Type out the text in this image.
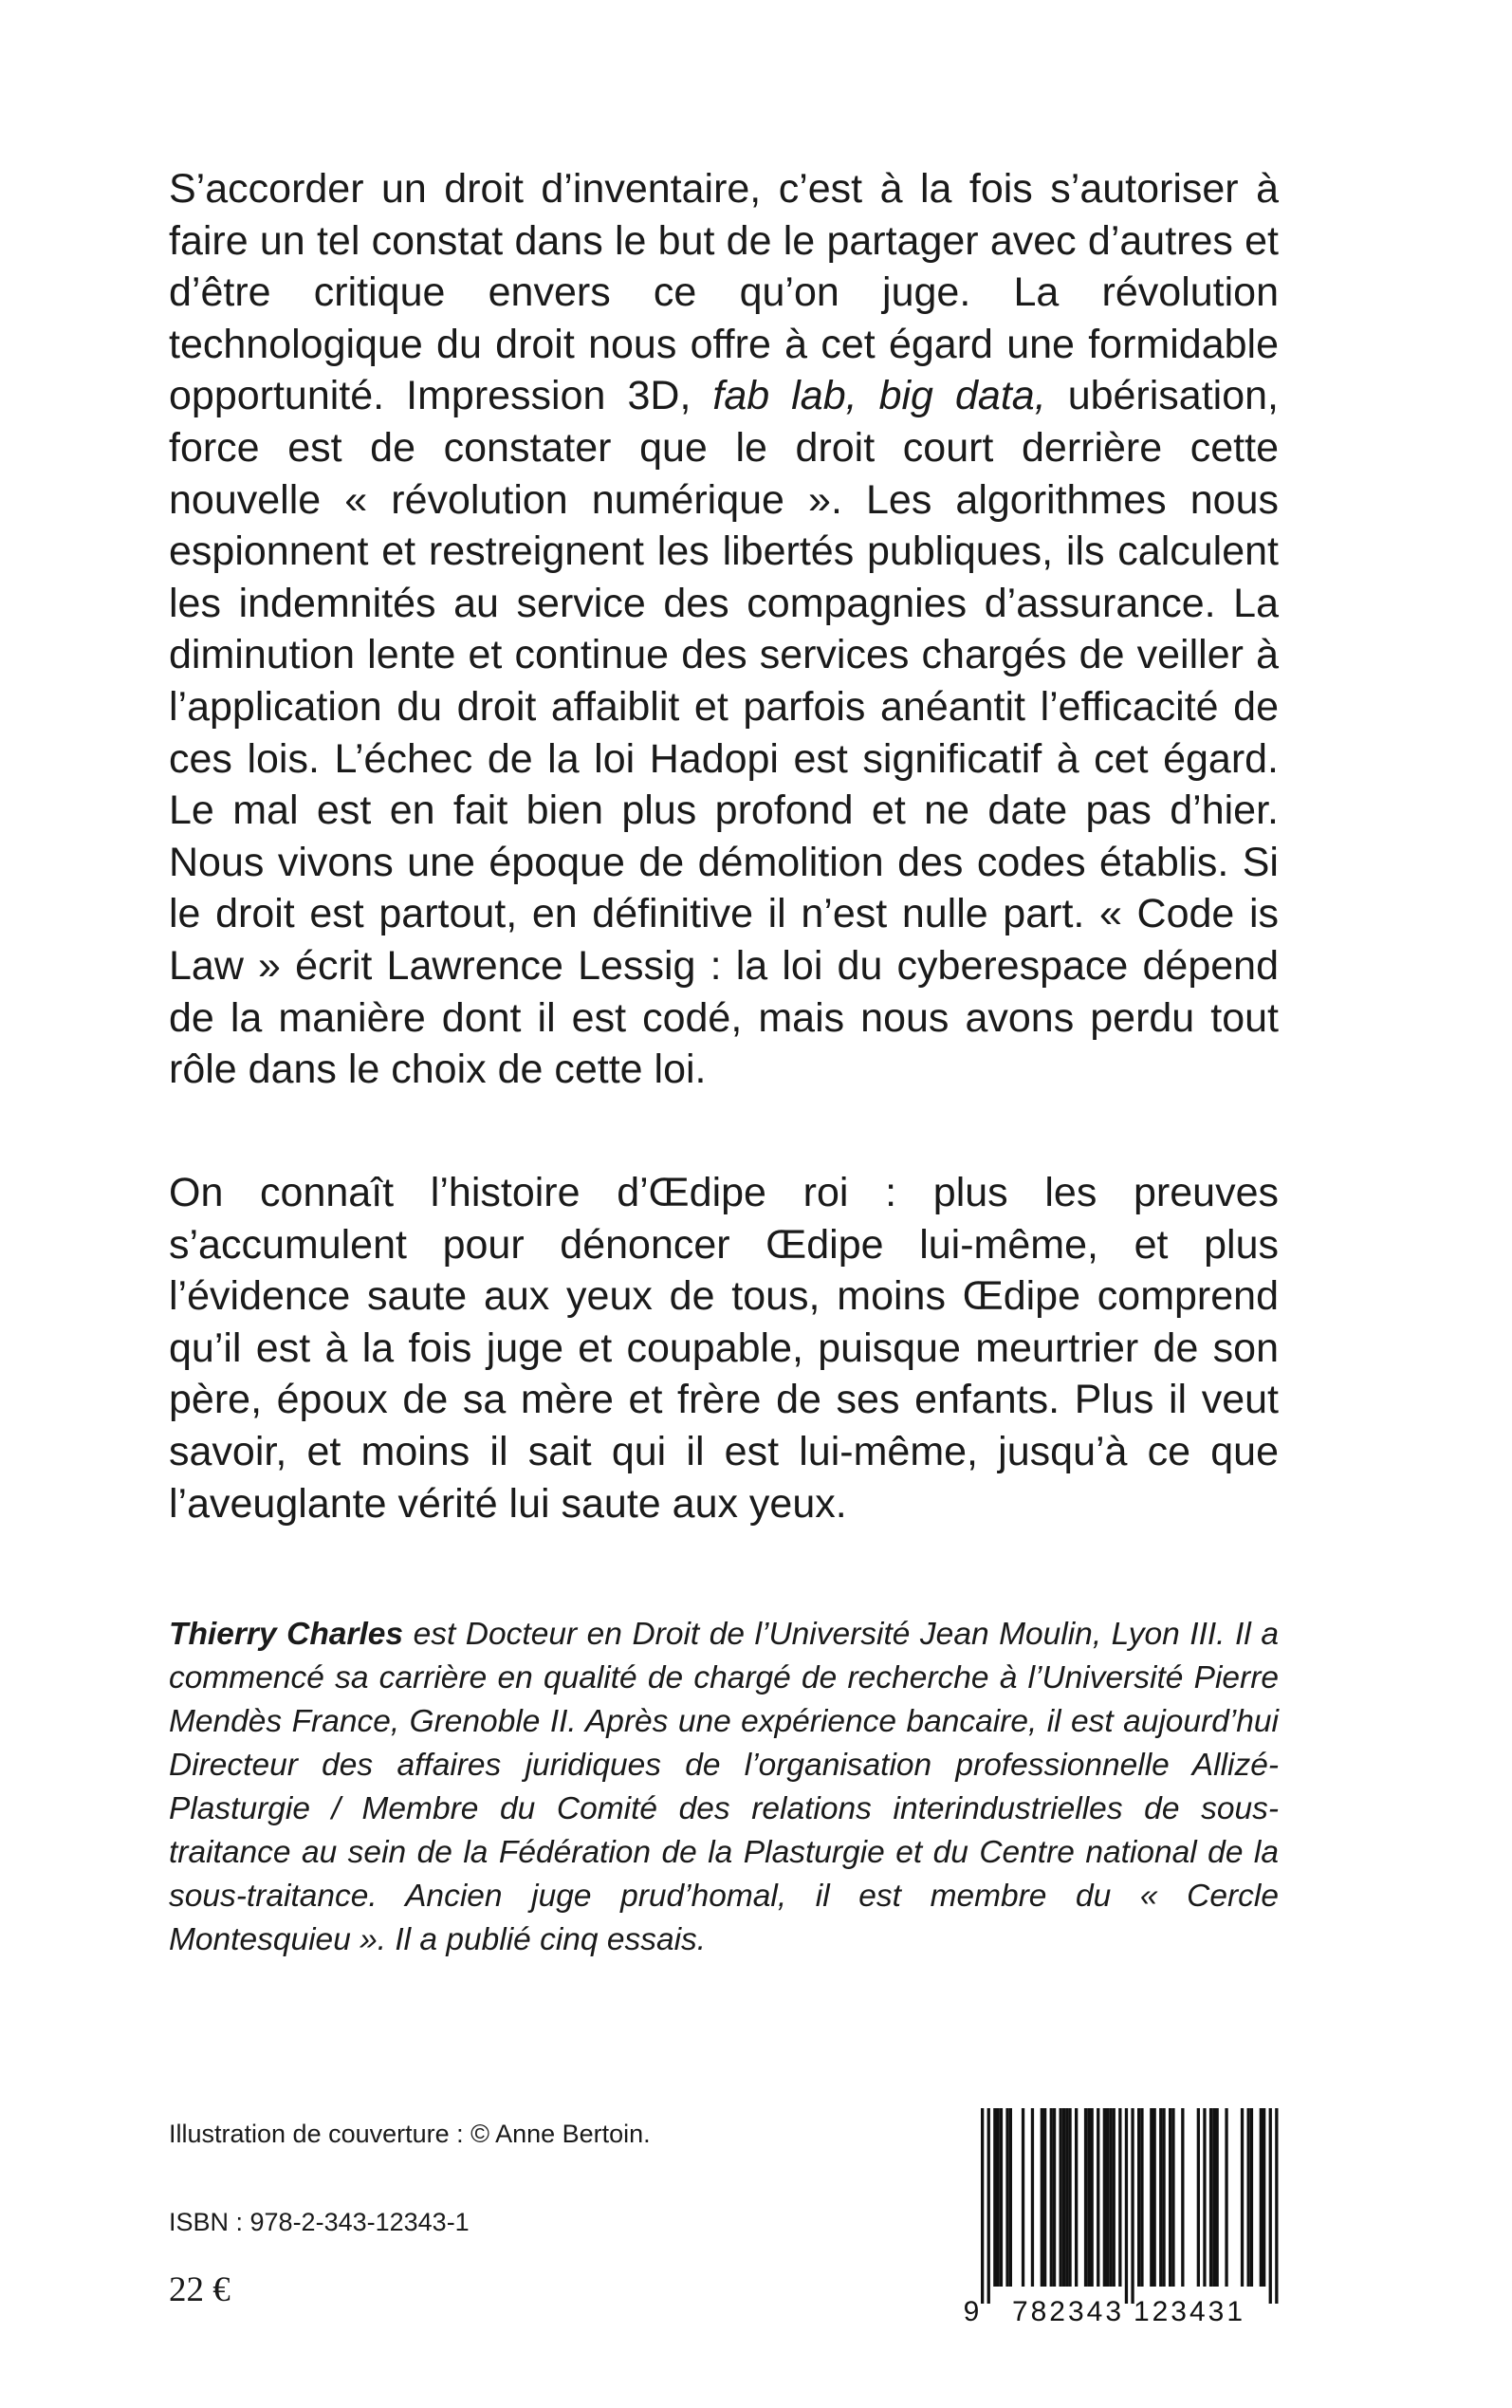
S’accorder un droit d’inventaire, c’est à la fois s’autoriser à faire un tel constat dans le but de le partager avec d’autres et d’être critique envers ce qu’on juge. La révolution technologique du droit nous offre à cet égard une formidable opportunité. Impression 3D, fab lab, big data, ubérisation, force est de constater que le droit court derrière cette nouvelle « révolution numérique ». Les algorithmes nous espionnent et restreignent les libertés publiques, ils calculent les indemnités au service des compagnies d’assurance. La diminution lente et continue des services chargés de veiller à l’application du droit affaiblit et parfois anéantit l’efficacité de ces lois. L’échec de la loi Hadopi est significatif à cet égard. Le mal est en fait bien plus profond et ne date pas d’hier. Nous vivons une époque de démolition des codes établis. Si le droit est partout, en définitive il n’est nulle part. « Code is Law » écrit Lawrence Lessig : la loi du cyberespace dépend de la manière dont il est codé, mais nous avons perdu tout rôle dans le choix de cette loi.

On connaît l’histoire d’Œdipe roi : plus les preuves s’accumulent pour dénoncer Œdipe lui-même, et plus l’évidence saute aux yeux de tous, moins Œdipe comprend qu’il est à la fois juge et coupable, puisque meurtrier de son père, époux de sa mère et frère de ses enfants. Plus il veut savoir, et moins il sait qui il est lui-même, jusqu’à ce que l’aveuglante vérité lui saute aux yeux.

Thierry Charles est Docteur en Droit de l’Université Jean Moulin, Lyon III. Il a commencé sa carrière en qualité de chargé de recherche à l’Université Pierre Mendès France, Grenoble II. Après une expérience bancaire, il est aujourd’hui Directeur des affaires juridiques de l’organisation professionnelle Allizé-Plasturgie / Membre du Comité des relations interindustrielles de sous-traitance au sein de la Fédération de la Plasturgie et du Centre national de la sous-traitance. Ancien juge prud’homal, il est membre du « Cercle Montesquieu ». Il a publié cinq essais.

Illustration de couverture : © Anne Bertoin.

ISBN : 978-2-343-12343-1

22 €

9 782343 123431
